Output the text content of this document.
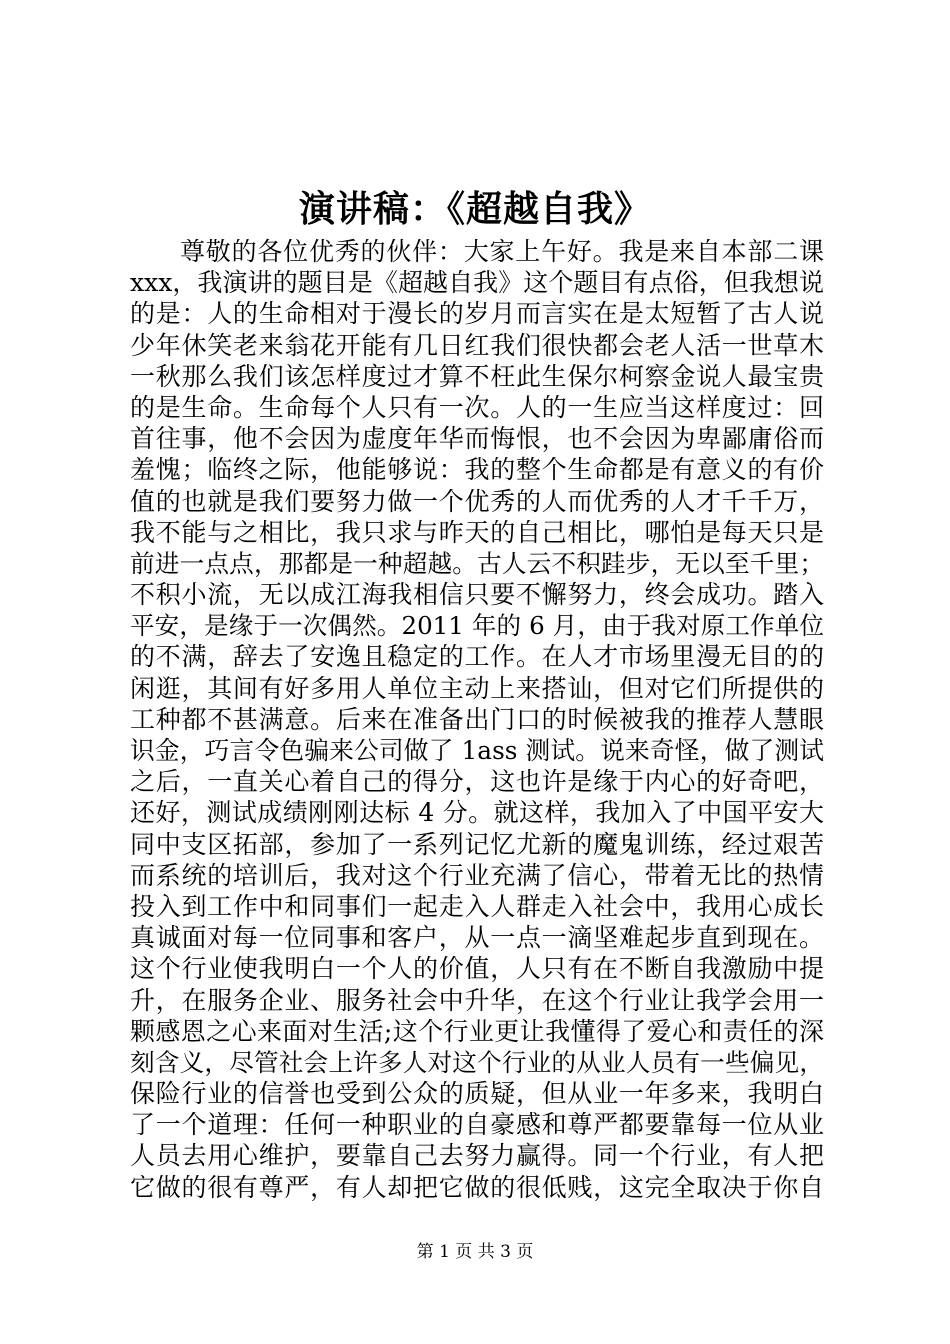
演讲稿：《超越自我》
尊敬的各位优秀的伙伴：大家上午好。我是来自本部二课
xxx，我演讲的题目是《超越自我》这个题目有点俗，但我想说
的是：人的生命相对于漫长的岁月而言实在是太短暂了古人说
少年休笑老来翁花开能有几日红我们很快都会老人活一世草木
一秋那么我们该怎样度过才算不枉此生保尔柯察金说人最宝贵
的是生命。生命每个人只有一次。人的一生应当这样度过：回
首往事，他不会因为虚度年华而悔恨，也不会因为卑鄙庸俗而
羞愧；临终之际，他能够说：我的整个生命都是有意义的有价
值的也就是我们要努力做一个优秀的人而优秀的人才千千万，
我不能与之相比，我只求与昨天的自己相比，哪怕是每天只是
前进一点点，那都是一种超越。古人云不积跬步，无以至千里；
不积小流，无以成江海我相信只要不懈努力，终会成功。踏入
平安，是缘于一次偶然。2011 年的 6 月，由于我对原工作单位
的不满，辞去了安逸且稳定的工作。在人才市场里漫无目的的
闲逛，其间有好多用人单位主动上来搭讪，但对它们所提供的
工种都不甚满意。后来在准备出门口的时候被我的推荐人慧眼
识金，巧言令色骗来公司做了 1ass 测试。说来奇怪，做了测试
之后，一直关心着自己的得分，这也许是缘于内心的好奇吧，
还好，测试成绩刚刚达标 4 分。就这样，我加入了中国平安大
同中支区拓部，参加了一系列记忆尤新的魔鬼训练，经过艰苦
而系统的培训后，我对这个行业充满了信心，带着无比的热情
投入到工作中和同事们一起走入人群走入社会中，我用心成长
真诚面对每一位同事和客户，从一点一滴坚难起步直到现在。
这个行业使我明白一个人的价值，人只有在不断自我激励中提
升，在服务企业、服务社会中升华，在这个行业让我学会用一
颗感恩之心来面对生活;这个行业更让我懂得了爱心和责任的深
刻含义，尽管社会上许多人对这个行业的从业人员有一些偏见，
保险行业的信誉也受到公众的质疑，但从业一年多来，我明白
了一个道理：任何一种职业的自豪感和尊严都要靠每一位从业
人员去用心维护，要靠自己去努力赢得。同一个行业，有人把
它做的很有尊严，有人却把它做的很低贱，这完全取决于你自
第 1 页 共 3 页
